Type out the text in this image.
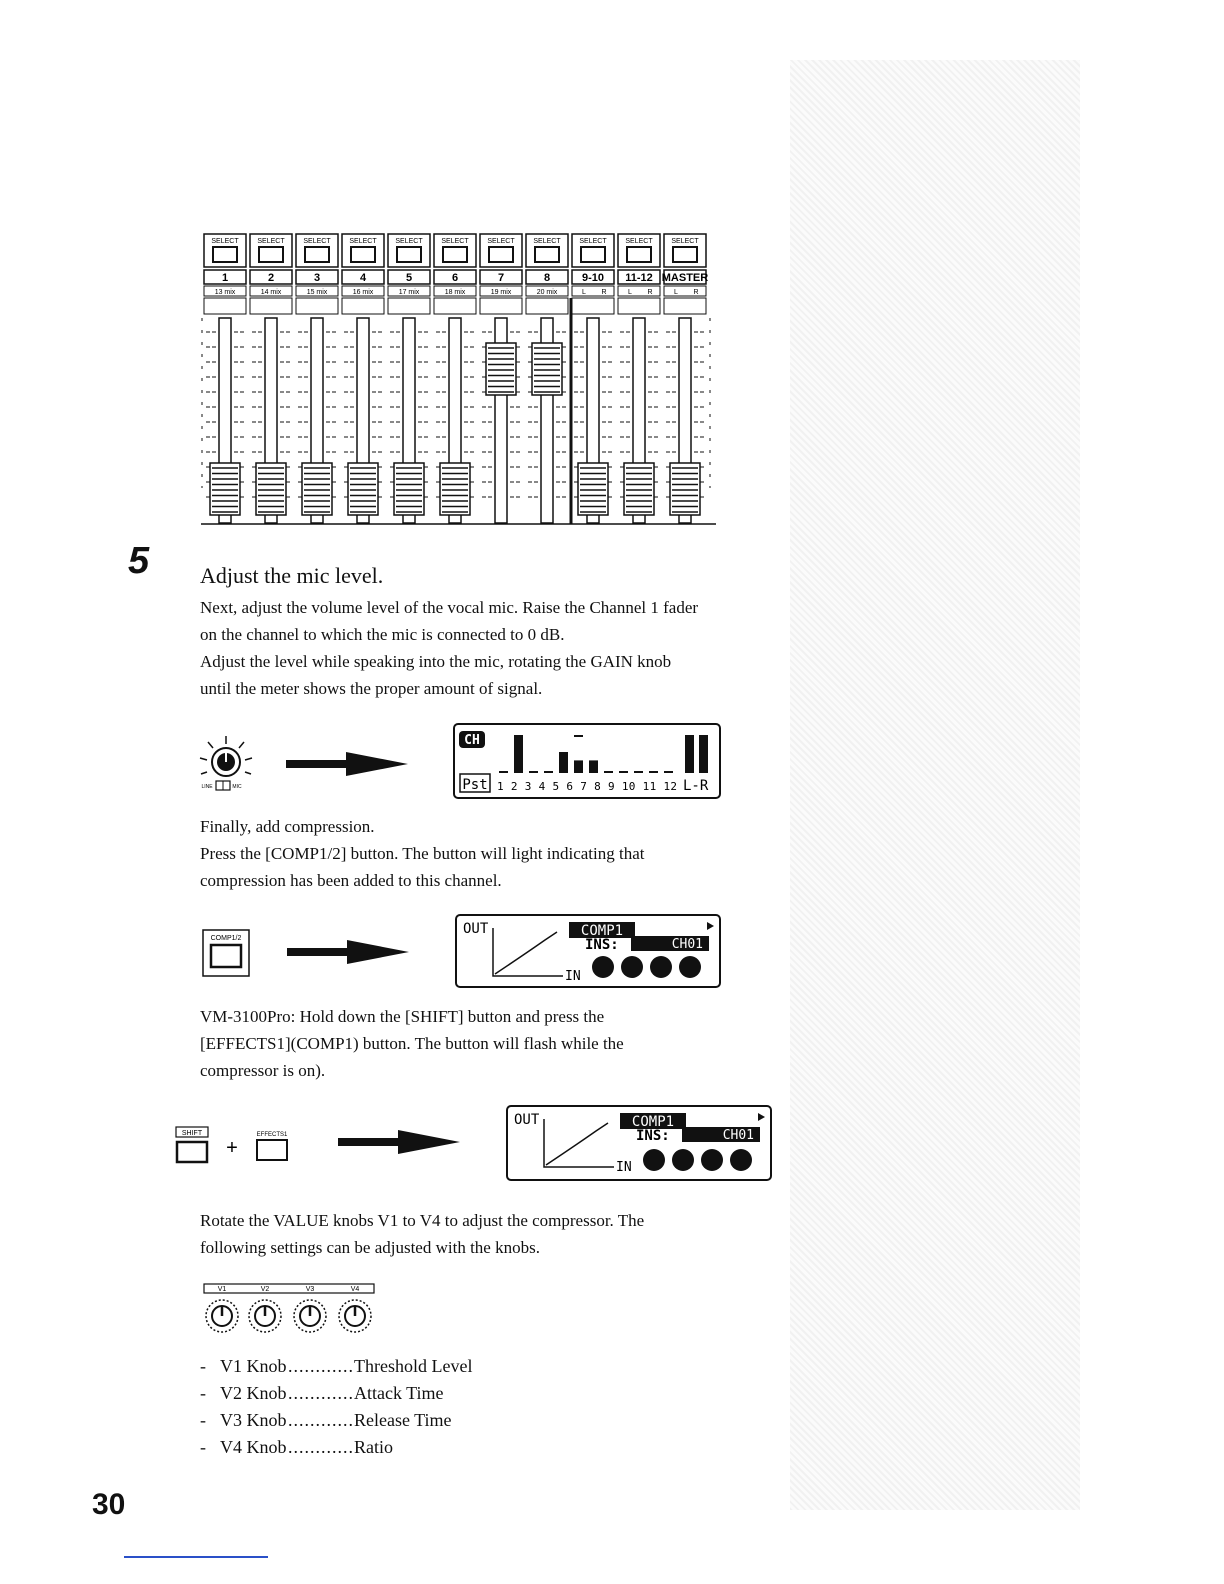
SELECT
1
13 mix
SELECT
2
14 mix
SELECT
3
15 mix
SELECT
4
16 mix
SELECT
5
17 mix
SELECT
6
18 mix
SELECT
7
19 mix
SELECT
8
20 mix
SELECT
9-10
L R
SELECT
11-12
L R
SELECT
MASTER
L R
5 Adjust the mic level.

Next, adjust the volume level of the vocal mic. Raise the Channel 1 fader
on the channel to which the mic is connected to 0 dB.
Adjust the level while speaking into the mic, rotating the GAIN knob
until the meter shows the proper amount of signal.

LINE	MIC
CH
Pst 1 2 3 4 5 6 7 8 9 10 11 12 L-R

Finally, add compression.
Press the [COMP1/2] button. The button will light indicating that
compression has been added to this channel.

COMP1/2
OUT
IN
COMP1
INS:	CH01

VM-3100Pro: Hold down the [SHIFT] button and press the
[EFFECTS1](COMP1) button. The button will flash while the
compressor is on).

SHIFT
+
EFFECTS1
OUT
IN
COMP1
INS:	CH01

Rotate the VALUE knobs V1 to V4 to adjust the compressor. The
following settings can be adjusted with the knobs.

V1	V2	V3	V4
- V1 Knob............Threshold Level
- V2 Knob............Attack Time
- V3 Knob............Release Time
- V4 Knob............Ratio
30
